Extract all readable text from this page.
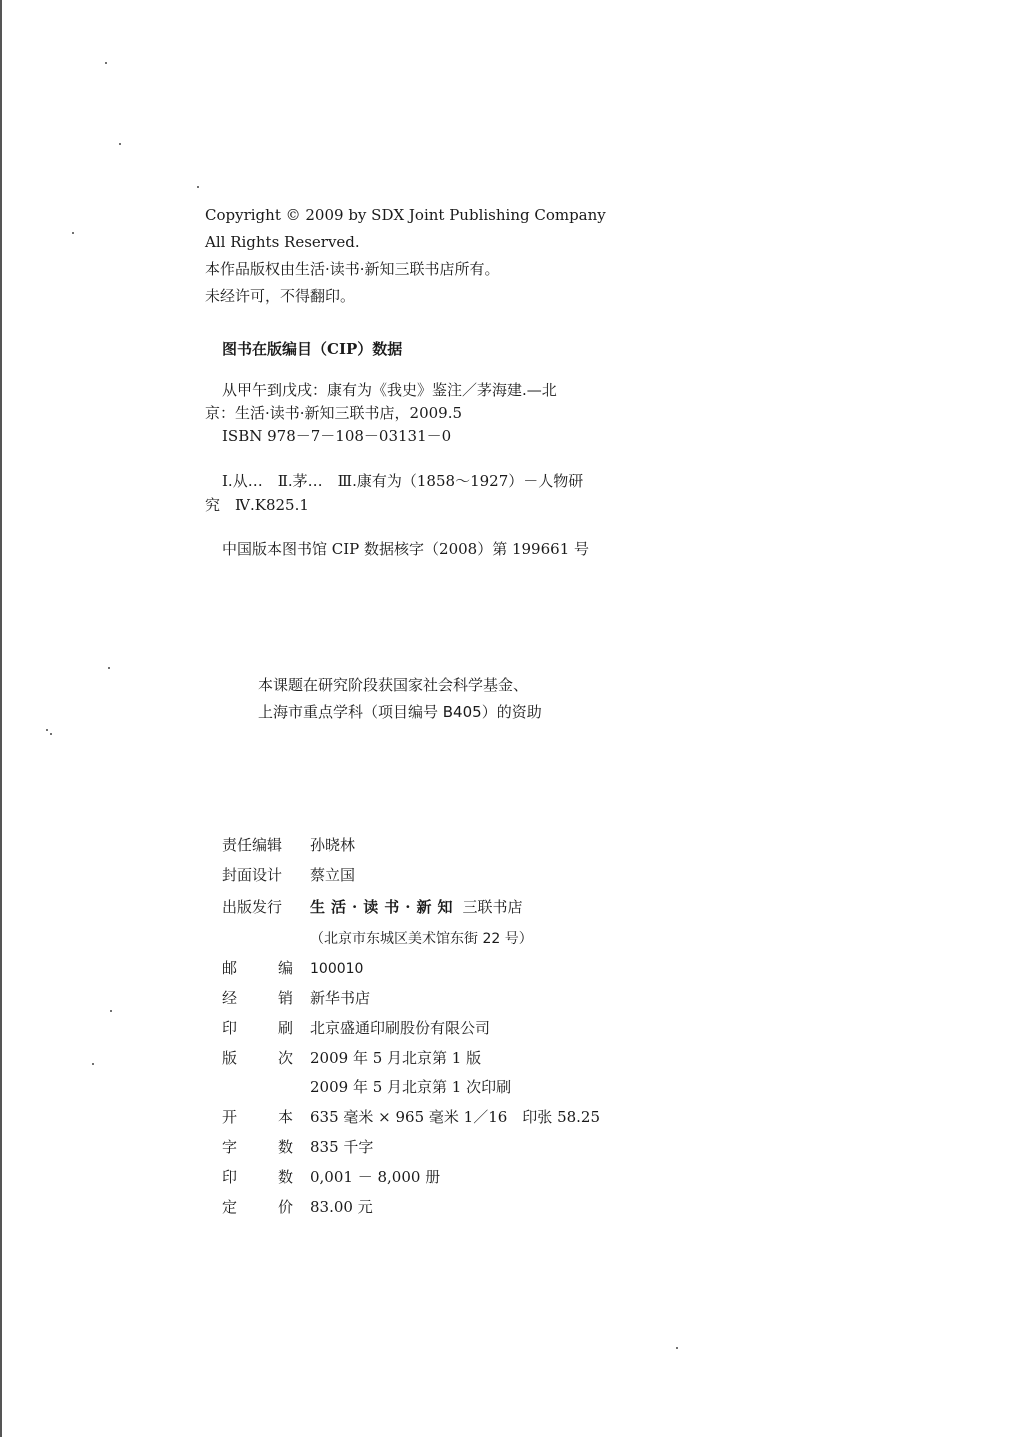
Copyright © 2009 by SDX Joint Publishing Company
All Rights Reserved.
本作品版权由生活·读书·新知三联书店所有。
未经许可，不得翻印。
图书在版编目（CIP）数据
从甲午到戊戌：康有为《我史》鉴注／茅海建.—北
京：生活·读书·新知三联书店，2009.5
ISBN 978－7－108－03131－0
Ⅰ.从…　Ⅱ.茅…　Ⅲ.康有为（1858～1927）－人物研
究　Ⅳ.K825.1
中国版本图书馆 CIP 数据核字（2008）第 199661 号
本课题在研究阶段获国家社会科学基金、
上海市重点学科（项目编号 B405）的资助
责任编辑 孙晓林
封面设计 蔡立国
出版发行 生活·读书·新知 三联书店
（北京市东城区美术馆东街 22 号）
邮	编 100010
经	销 新华书店
印	刷 北京盛通印刷股份有限公司
版	次 2009 年 5 月北京第 1 版
2009 年 5 月北京第 1 次印刷
开	本 635 毫米 × 965 毫米 1／16　印张 58.25
字	数 835 千字
印	数 0,001 － 8,000 册
定	价 83.00 元
